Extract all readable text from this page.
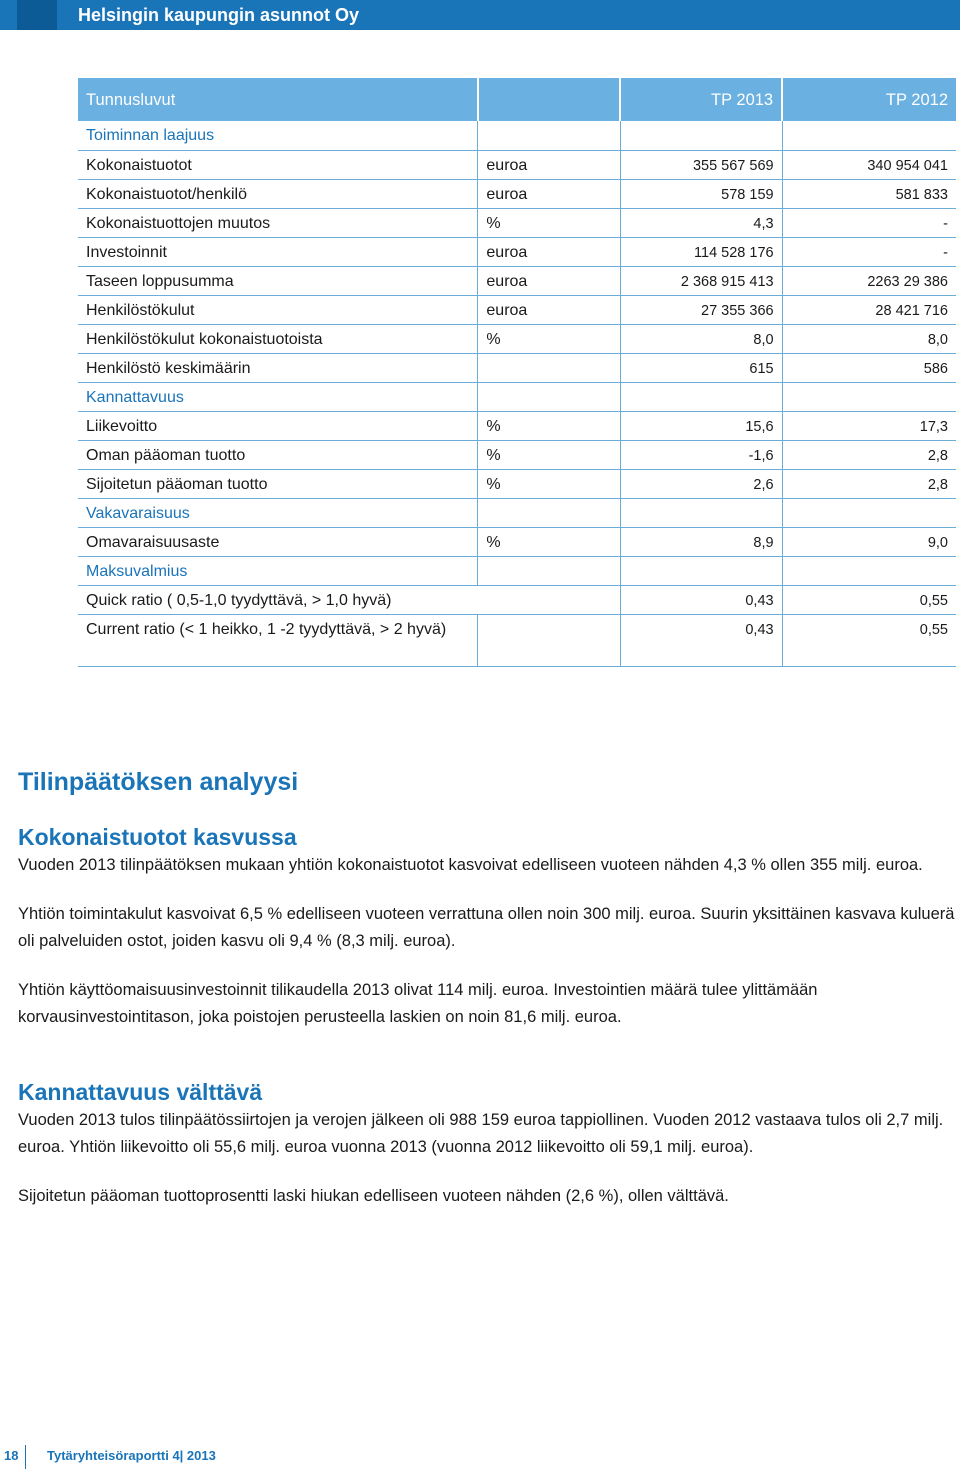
Helsingin kaupungin asunnot Oy
Tunnusluvut		TP 2013	TP 2012
Toiminnan laajuus			
Kokonaistuotot	euroa	355 567 569	340 954 041
Kokonaistuotot/henkilö	euroa	578 159	581 833
Kokonaistuottojen muutos	%	4,3	-
Investoinnit	euroa	114 528 176	-
Taseen loppusumma	euroa	2 368 915 413	2263 29 386
Henkilöstökulut	euroa	27 355 366	28 421 716
Henkilöstökulut kokonaistuotoista	%	8,0	8,0
Henkilöstö keskimäärin		615	586
Kannattavuus			
Liikevoitto	%	15,6	17,3
Oman pääoman tuotto	%	-1,6	2,8
Sijoitetun pääoman tuotto	%	2,6	2,8
Vakavaraisuus			
Omavaraisuusaste	%	8,9	9,0
Maksuvalmius			
Quick ratio ( 0,5-1,0 tyydyttävä, > 1,0 hyvä)		0,43	0,55
Current ratio (< 1 heikko, 1 -2 tyydyttävä, > 2 hyvä)		0,43	0,55

Tilinpäätöksen analyysi

Kokonaistuotot kasvussa

Vuoden 2013 tilinpäätöksen mukaan yhtiön kokonaistuotot kasvoivat edelliseen vuoteen nähden 4,3 % ollen 355 milj. euroa.

Yhtiön toimintakulut kasvoivat 6,5 % edelliseen vuoteen verrattuna ollen noin 300 milj. euroa. Suurin yksittäinen kasvava kuluerä oli palveluiden ostot, joiden kasvu oli 9,4 % (8,3 milj. euroa).

Yhtiön käyttöomaisuusinvestoinnit tilikaudella 2013 olivat 114 milj. euroa. Investointien määrä tulee ylittämään korvausinvestointitason, joka poistojen perusteella laskien on noin 81,6 milj. euroa.

Kannattavuus välttävä

Vuoden 2013 tulos tilinpäätössiirtojen ja verojen jälkeen oli 988 159 euroa tappiollinen. Vuoden 2012 vastaava tulos oli 2,7 milj. euroa. Yhtiön liikevoitto oli 55,6 milj. euroa vuonna 2013 (vuonna 2012 liikevoitto oli 59,1 milj. euroa).

Sijoitetun pääoman tuottoprosentti laski hiukan edelliseen vuoteen nähden (2,6 %), ollen välttävä.

18 Tytäryhteisöraportti 4| 2013
